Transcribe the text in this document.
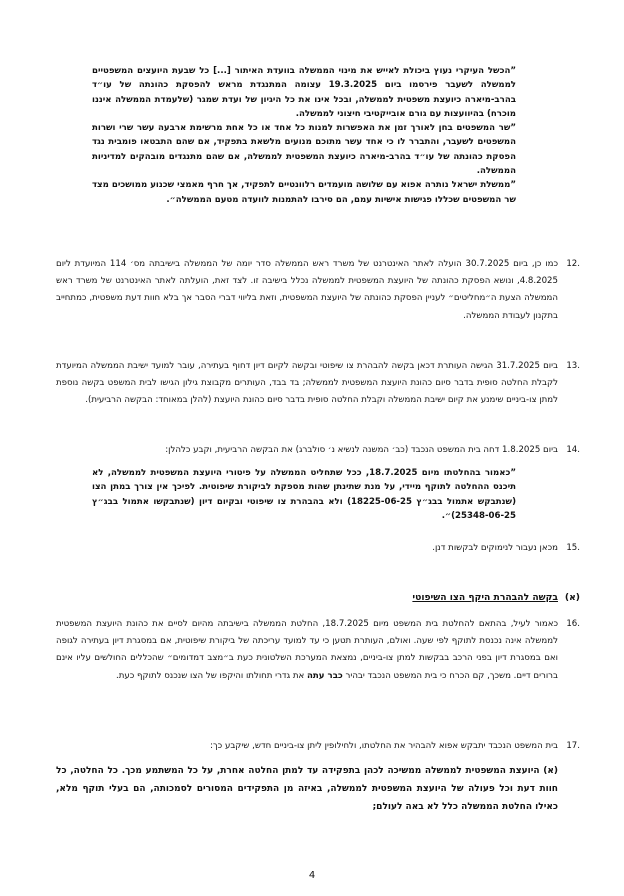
”הכשל העיקרי נעוץ ביכולת לאייש את מינוי הממשלה בוועדת האיתור [...] כל שבעת היועצים המשפטיים לממשלה לשעבר פירסמו ביום 19.3.2025 עצומה המתנגדת מראש להפסקת כהונתה של עו״ד בהרב-מיארה כיועצת משפטית לממשלה, ובכל אינו את כל היגיון של ועדת שמגר (שלעמדת הממשלה איננו מוכרח) בהיוועצות עם גורם אובייקטיבי חיצוני לממשלה.

”שר המשפטים בחן לאורך זמן את האפשרות למנות כל אחד או כל אחת מרשימת ארבעה עשר שרי ושרות המשפטים לשעבר, והתברר לו כי אחד עשר מתוכם מנועים מלשאת בתפקיד, אם שהם התבטאו פומבית נגד הפסקת כהונתה של עו״ד בהרב-מיארה כיועצת המשפטית לממשלה, אם שהם מתנגדים מובהקים למדיניות הממשלה.

”ממשלת ישראל נותרה אפוא עם שלושה מועמדים רלוונטיים לתפקיד, אך חרף מאמצי שכנוע ממושכים מצד שר המשפטים שכללו פגישות אישיות עמם, הם סירבו להתמנות לוועדה מטעם הממשלה״.

12.

כמו כן, ביום 30.7.2025 הועלה לאתר האינטרנט של משרד ראש הממשלה סדר יומה של הממשלה בישיבתה מס׳ 114 המיועדת ליום 4.8.2025, ונושא הפסקת כהונתה של היועצת המשפטית לממשלה נכלל בישיבה זו. לצד זאת, הועלתה לאתר האינטרנט של משרד ראש הממשלה הצעת ה״מחליטים״ לעניין הפסקת כהונתה של היועצת המשפטית, וזאת בליווי דברי הסבר אך בלא חוות דעת משפטית, כמתחייב בתקנון לעבודת הממשלה.

13.

ביום 31.7.2025 הגישה העותרת דכאן בקשה להבהרת צו שיפוטי ובקשה לקיום דיון דחוף בעתירה, עובר למועד ישיבת הממשלה המיועדת לקבלת החלטה סופית בדבר סיום כהונת היועצת המשפטית לממשלה; בד בבד, העותרים מקבוצת גילון הגישו לבית המשפט בקשה נוספת למתן צו-ביניים שימנע את קיום ישיבת הממשלה וקבלת החלטה סופית בדבר סיום כהונת היועצת (להלן במאוחד: הבקשה הרביעית).

14.

ביום 1.8.2025 דחה בית המשפט הנכבד (כב׳ המשנה לנשיא נ׳ סולברג) את הבקשה הרביעית, וקבע כלהלן:

”כאמור בהחלטתו מיום 18.7.2025, ככל שתחליט הממשלה על פיטורי היועצת המשפטית לממשלה, לא תיכנס ההחלטה לתוקף מיידי, על מנת שתינתן שהות מספקת לביקורת שיפוטית. לפיכך אין צורך במתן הצו (שנתבקש אתמול בבג״ץ 18225-06-25) ולא בהבהרת צו שיפוטי ובקיום דיון (שנתבקשו אתמול בבג״ץ 25348-06-25)״.

15.

מכאן נעבור לנימוקים לבקשות דנן.

(א)
בקשה להבהרת היקף הצו השיפוטי
16.

כאמור לעיל, בהתאם להחלטת בית המשפט מיום 18.7.2025, החלטת הממשלה בישיבתה מהיום לסיים את כהונת היועצת המשפטית לממשלה אינה נכנסת לתוקף לפי שעה. ואולם, העותרת תטען כי עד למועד עריכתה של ביקורת שיפוטית, אם במסגרת דיון בעתירה לגופה ואם במסגרת דיון בפני הרכב בבקשות למתן צו-ביניים, נמצאת המערכת השלטונית כעת ב״מצב דמדומים״ שהכללים החולשים עליו אינם ברורים דיים. משכך, קם הכרח כי בית המשפט הנכבד יבהיר כבר עתה את גדרי תחולתו והיקפו של הצו שנכנס לתוקף כעת.

17.

בית המשפט הנכבד יתבקש אפוא להבהיר את החלטתו, ולחילופין ליתן צו-ביניים חדש, שיקבע כך:

(א) היועצת המשפטית לממשלה ממשיכה לכהן בתפקידה עד למתן החלטה אחרת, על כל המשתמע מכך. כל החלטה, כל חוות דעת וכל פעולה של היועצת המשפטית לממשלה, באיזה מן התפקידים המסורים לסמכותה, הם בעלי תוקף מלא, כאילו החלטת הממשלה כלל לא באה לעולם;

4
